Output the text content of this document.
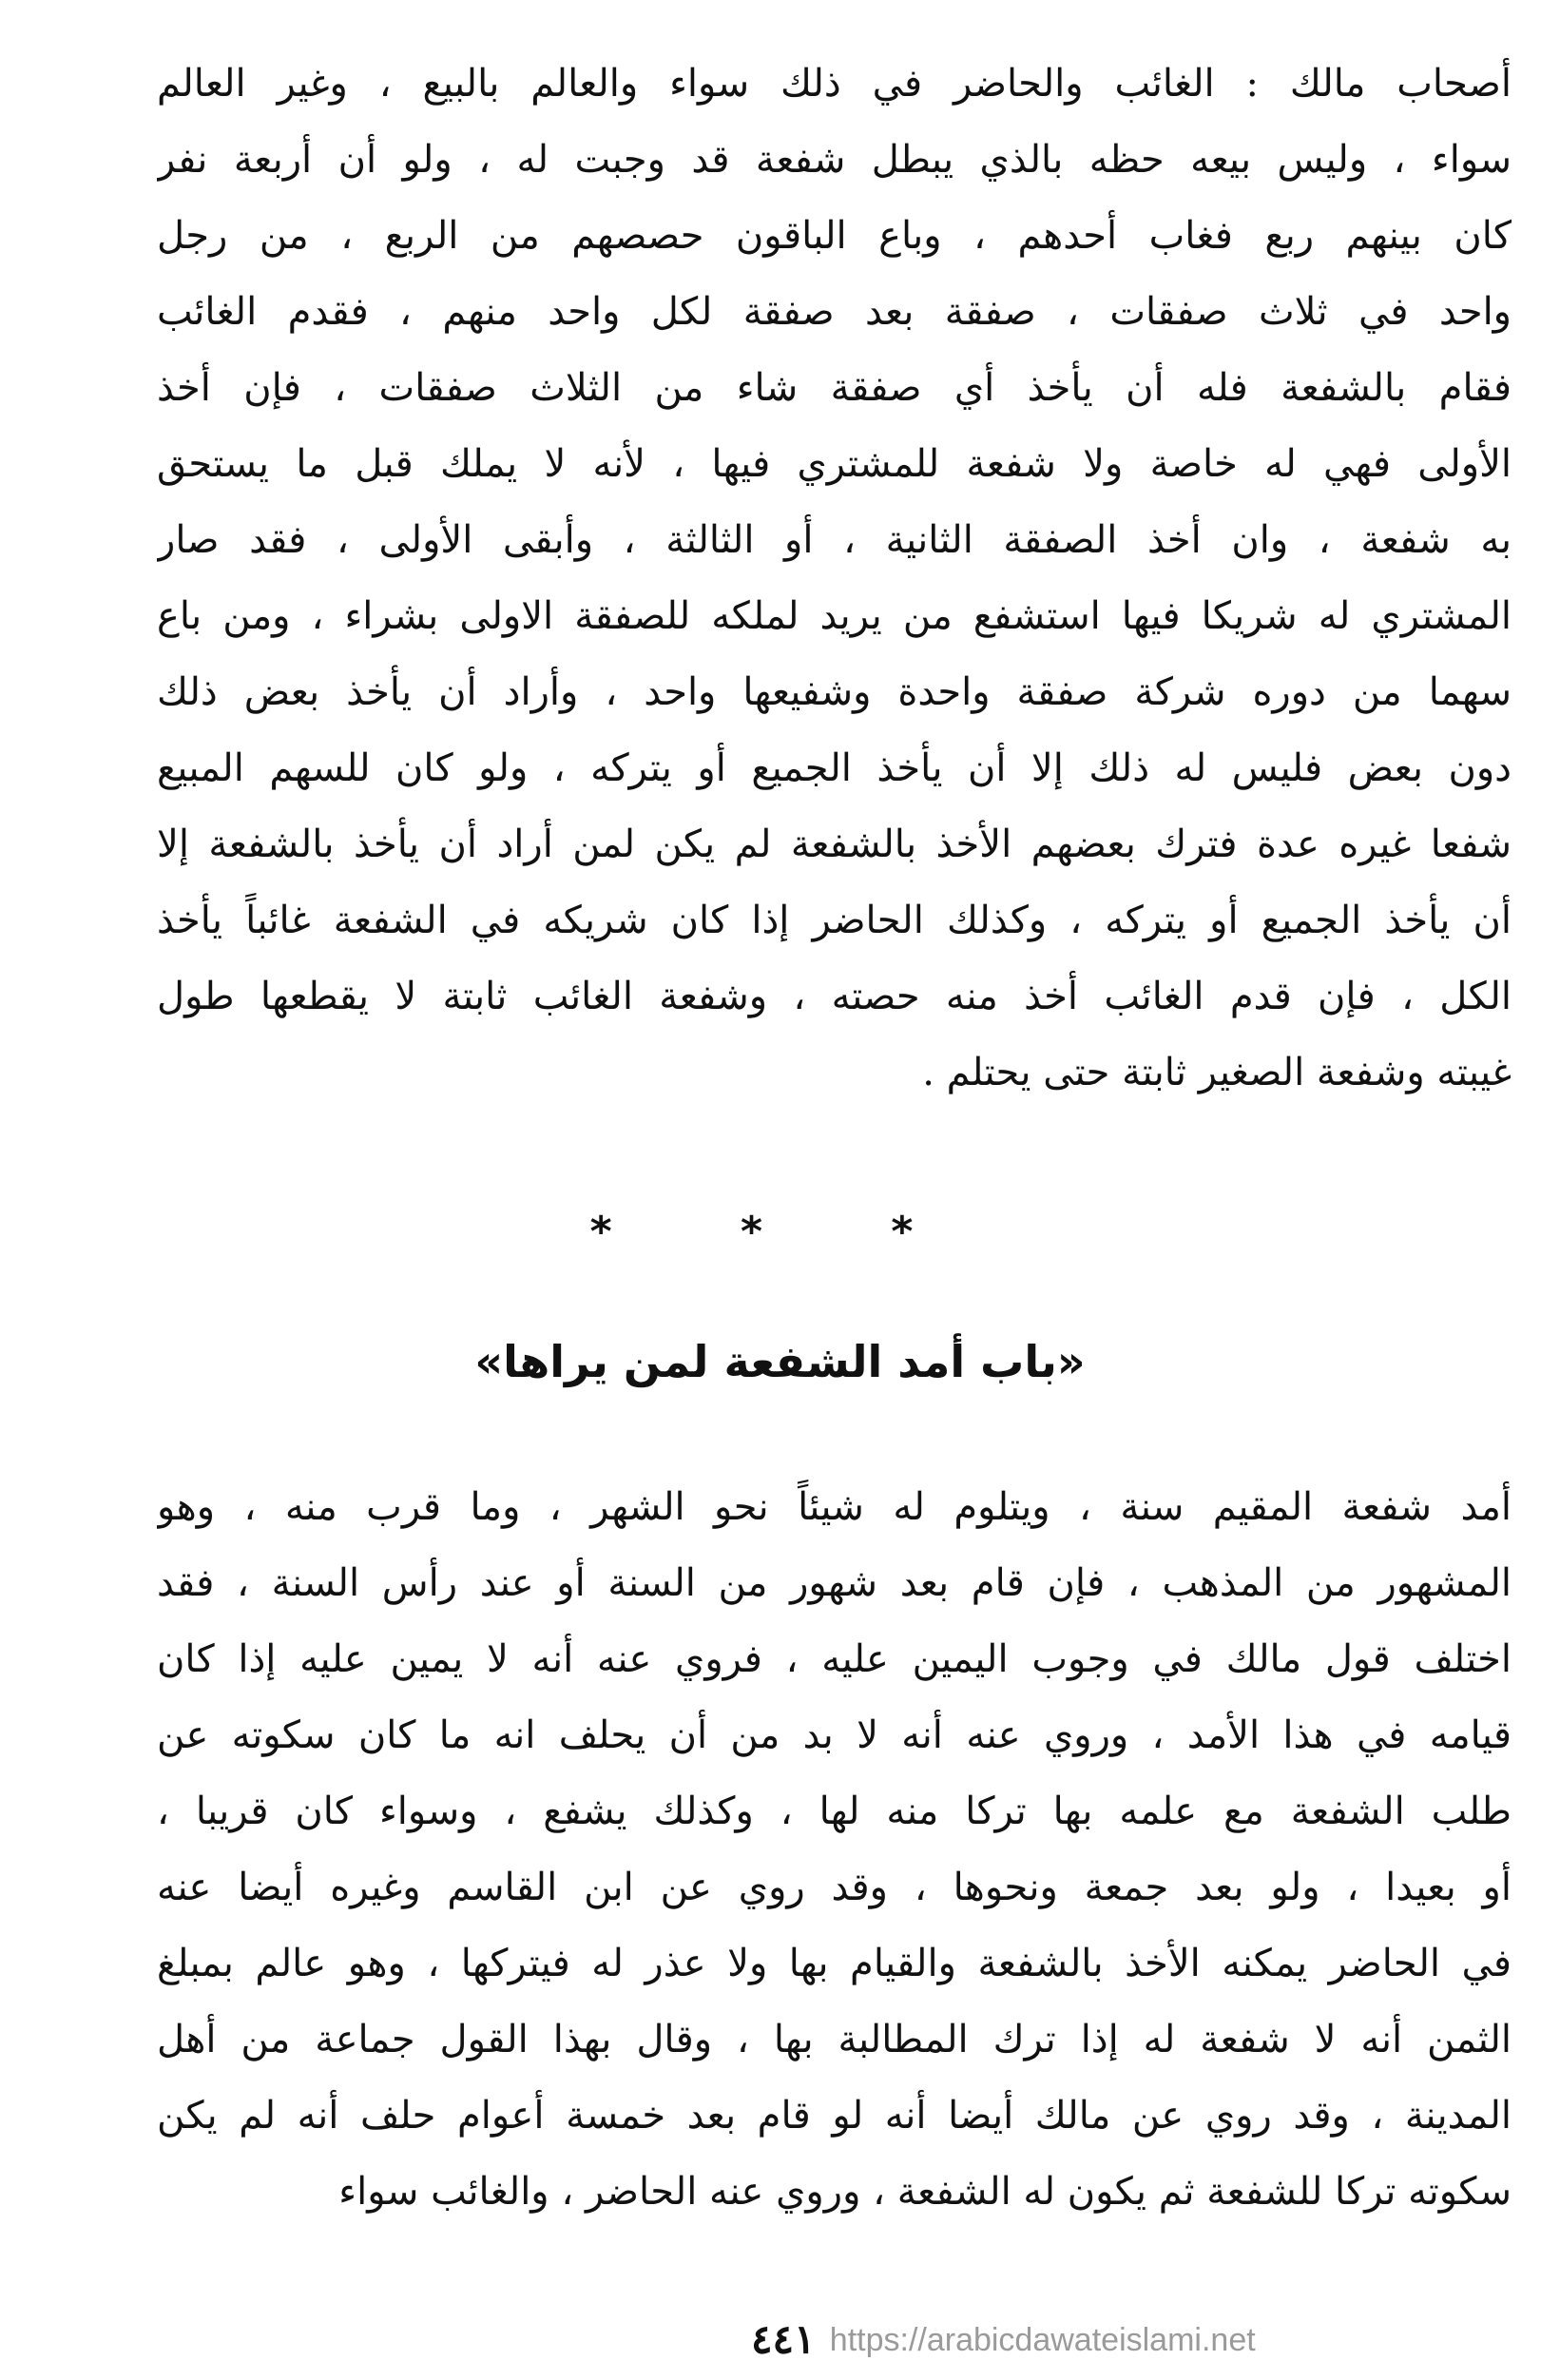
أصحاب مالك : الغائب والحاضر في ذلك سواء والعالم بالبيع ، وغير العالم
سواء ، وليس بيعه حظه بالذي يبطل شفعة قد وجبت له ، ولو أن أربعة نفر
كان بينهم ربع فغاب أحدهم ، وباع الباقون حصصهم من الربع ، من رجل
واحد في ثلاث صفقات ، صفقة بعد صفقة لكل واحد منهم ، فقدم الغائب
فقام بالشفعة فله أن يأخذ أي صفقة شاء من الثلاث صفقات ، فإن أخذ
الأولى فهي له خاصة ولا شفعة للمشتري فيها ، لأنه لا يملك قبل ما يستحق
به شفعة ، وان أخذ الصفقة الثانية ، أو الثالثة ، وأبقى الأولى ، فقد صار
المشتري له شريكا فيها استشفع من يريد لملكه للصفقة الاولى بشراء ، ومن باع
سهما من دوره شركة صفقة واحدة وشفيعها واحد ، وأراد أن يأخذ بعض ذلك
دون بعض فليس له ذلك إلا أن يأخذ الجميع أو يتركه ، ولو كان للسهم المبيع
شفعا غيره عدة فترك بعضهم الأخذ بالشفعة لم يكن لمن أراد أن يأخذ بالشفعة إلا
أن يأخذ الجميع أو يتركه ، وكذلك الحاضر إذا كان شريكه في الشفعة غائباً يأخذ
الكل ، فإن قدم الغائب أخذ منه حصته ، وشفعة الغائب ثابتة لا يقطعها طول
غيبته وشفعة الصغير ثابتة حتى يحتلم .
* * *
«باب أمد الشفعة لمن يراها»
أمد شفعة المقيم سنة ، ويتلوم له شيئاً نحو الشهر ، وما قرب منه ، وهو
المشهور من المذهب ، فإن قام بعد شهور من السنة أو عند رأس السنة ، فقد
اختلف قول مالك في وجوب اليمين عليه ، فروي عنه أنه لا يمين عليه إذا كان
قيامه في هذا الأمد ، وروي عنه أنه لا بد من أن يحلف انه ما كان سكوته عن
طلب الشفعة مع علمه بها تركا منه لها ، وكذلك يشفع ، وسواء كان قريبا ،
أو بعيدا ، ولو بعد جمعة ونحوها ، وقد روي عن ابن القاسم وغيره أيضا عنه
في الحاضر يمكنه الأخذ بالشفعة والقيام بها ولا عذر له فيتركها ، وهو عالم بمبلغ
الثمن أنه لا شفعة له إذا ترك المطالبة بها ، وقال بهذا القول جماعة من أهل
المدينة ، وقد روي عن مالك أيضا أنه لو قام بعد خمسة أعوام حلف أنه لم يكن
سكوته تركا للشفعة ثم يكون له الشفعة ، وروي عنه الحاضر ، والغائب سواء
٤٤١ https://arabicdawateislami.net
